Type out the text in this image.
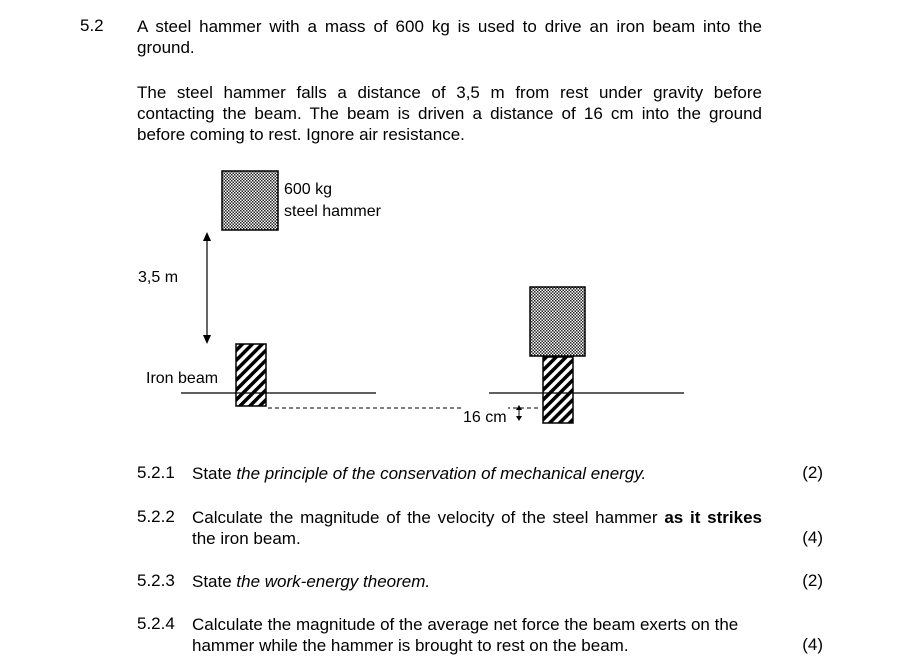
5.2 A steel hammer with a mass of 600 kg is used to drive an iron beam into the ground.
The steel hammer falls a distance of 3,5 m from rest under gravity before contacting the beam. The beam is driven a distance of 16 cm into the ground before coming to rest. Ignore air resistance.
600 kg
steel hammer
3,5 m
Iron beam
16 cm
5.2.1 State the principle of the conservation of mechanical energy.	(2)
5.2.2 Calculate the magnitude of the velocity of the steel hammer as it strikes the iron beam.	(4)
5.2.3 State the work-energy theorem.	(2)
5.2.4 Calculate the magnitude of the average net force the beam exerts on the hammer while the hammer is brought to rest on the beam.	(4)
